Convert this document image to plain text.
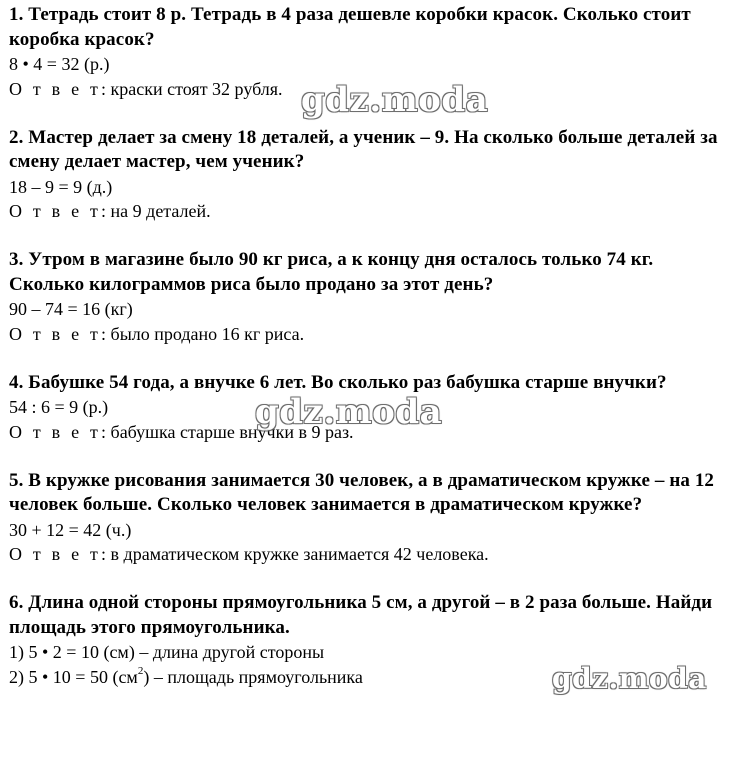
1. Тетрадь стоит 8 р. Тетрадь в 4 раза дешевле коробки красок. Сколько стоит коробка красок?

8 • 4 = 32 (р.)

О т в е т: краски стоят 32 рубля.

2. Мастер делает за смену 18 деталей, а ученик – 9. На сколько больше деталей за смену делает мастер, чем ученик?

18 – 9 = 9 (д.)

О т в е т: на 9 деталей.

3. Утром в магазине было 90 кг риса, а к концу дня осталось только 74 кг. Сколько килограммов риса было продано за этот день?

90 – 74 = 16 (кг)

О т в е т: было продано 16 кг риса.

4. Бабушке 54 года, а внучке 6 лет. Во сколько раз бабушка старше внучки?

54 : 6 = 9 (р.)

О т в е т: бабушка старше внучки в 9 раз.

5. В кружке рисования занимается 30 человек, а в драматическом кружке – на 12 человек больше. Сколько человек занимается в драматическом кружке?

30 + 12 = 42 (ч.)

О т в е т: в драматическом кружке занимается 42 человека.

6. Длина одной стороны прямоугольника 5 см, а другой – в 2 раза больше. Найди площадь этого прямоугольника.

1) 5 • 2 = 10 (см) – длина другой стороны

2) 5 • 10 = 50 $(см^2)$ – площадь прямоугольника

gdz.moda
gdz.moda
gdz.moda
